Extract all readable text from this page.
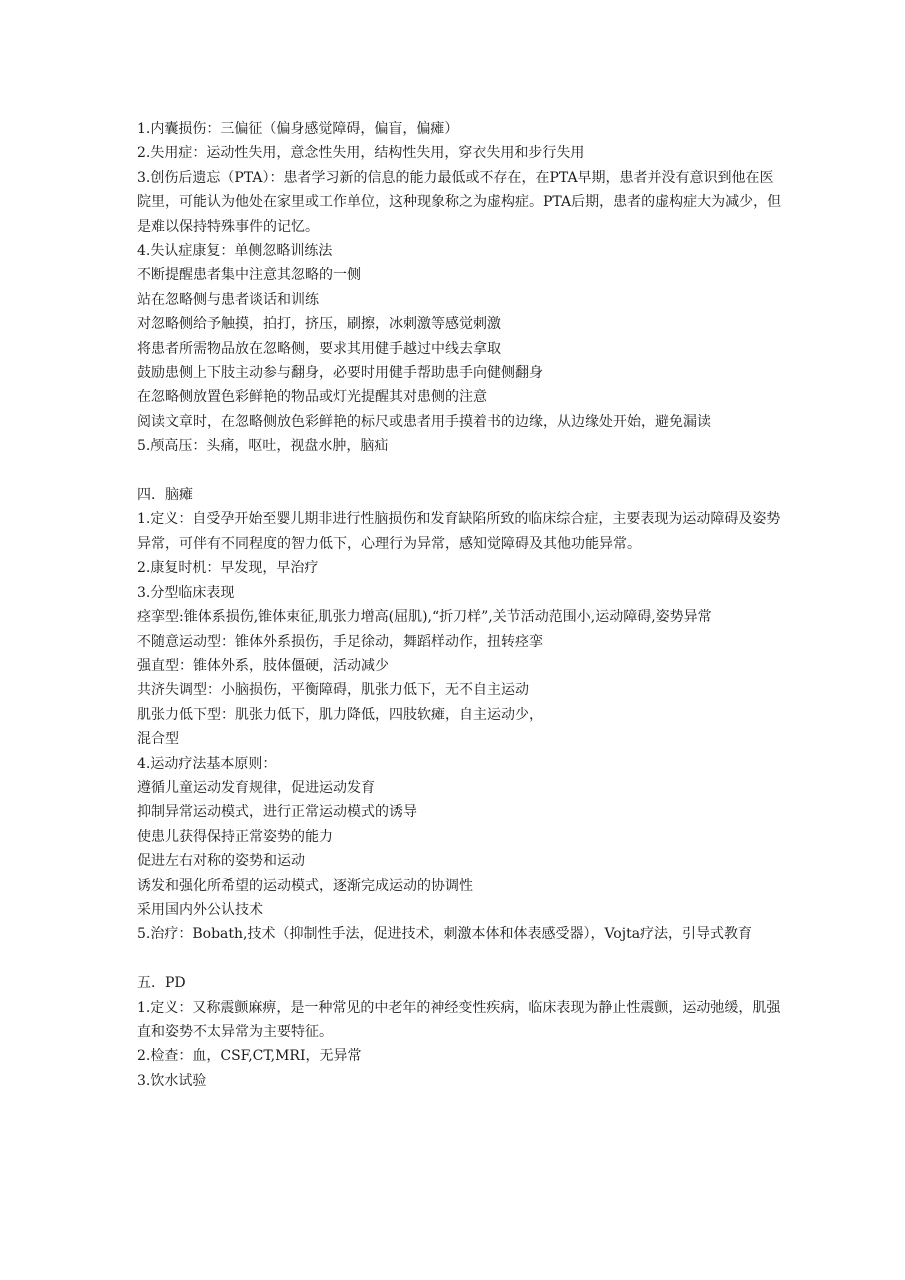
1.内囊损伤：三偏征（偏身感觉障碍，偏盲，偏瘫）

2.失用症：运动性失用，意念性失用，结构性失用，穿衣失用和步行失用

3.创伤后遗忘（PTA）：患者学习新的信息的能力最低或不存在，在PTA早期，患者并没有意识到他在医院里，可能认为他处在家里或工作单位，这种现象称之为虚构症。PTA后期，患者的虚构症大为减少，但是难以保持特殊事件的记忆。

4.失认症康复：单侧忽略训练法

不断提醒患者集中注意其忽略的一侧

站在忽略侧与患者谈话和训练

对忽略侧给予触摸，拍打，挤压，刷擦，冰刺激等感觉刺激

将患者所需物品放在忽略侧，要求其用健手越过中线去拿取

鼓励患侧上下肢主动参与翻身，必要时用健手帮助患手向健侧翻身

在忽略侧放置色彩鲜艳的物品或灯光提醒其对患侧的注意

阅读文章时，在忽略侧放色彩鲜艳的标尺或患者用手摸着书的边缘，从边缘处开始，避免漏读

5.颅高压：头痛，呕吐，视盘水肿，脑疝

四．脑瘫

1.定义：自受孕开始至婴儿期非进行性脑损伤和发育缺陷所致的临床综合症，主要表现为运动障碍及姿势异常，可伴有不同程度的智力低下，心理行为异常，感知觉障碍及其他功能异常。

2.康复时机：早发现，早治疗

3.分型临床表现

痉挛型:锥体系损伤,锥体束征,肌张力增高(屈肌),“折刀样”,关节活动范围小,运动障碍,姿势异常

不随意运动型：锥体外系损伤，手足徐动，舞蹈样动作，扭转痉挛

强直型：锥体外系，肢体僵硬，活动减少

共济失调型：小脑损伤，平衡障碍，肌张力低下，无不自主运动

肌张力低下型：肌张力低下，肌力降低，四肢软瘫，自主运动少，

混合型

4.运动疗法基本原则：

遵循儿童运动发育规律，促进运动发育

抑制异常运动模式，进行正常运动模式的诱导

使患儿获得保持正常姿势的能力

促进左右对称的姿势和运动

诱发和强化所希望的运动模式，逐渐完成运动的协调性

采用国内外公认技术

5.治疗：Bobath,技术（抑制性手法，促进技术，刺激本体和体表感受器），Vojta疗法，引导式教育

五．PD

1.定义：又称震颤麻痹，是一种常见的中老年的神经变性疾病，临床表现为静止性震颤，运动弛缓，肌强直和姿势不太异常为主要特征。

2.检查：血，CSF,CT,MRI，无异常

3.饮水试验
